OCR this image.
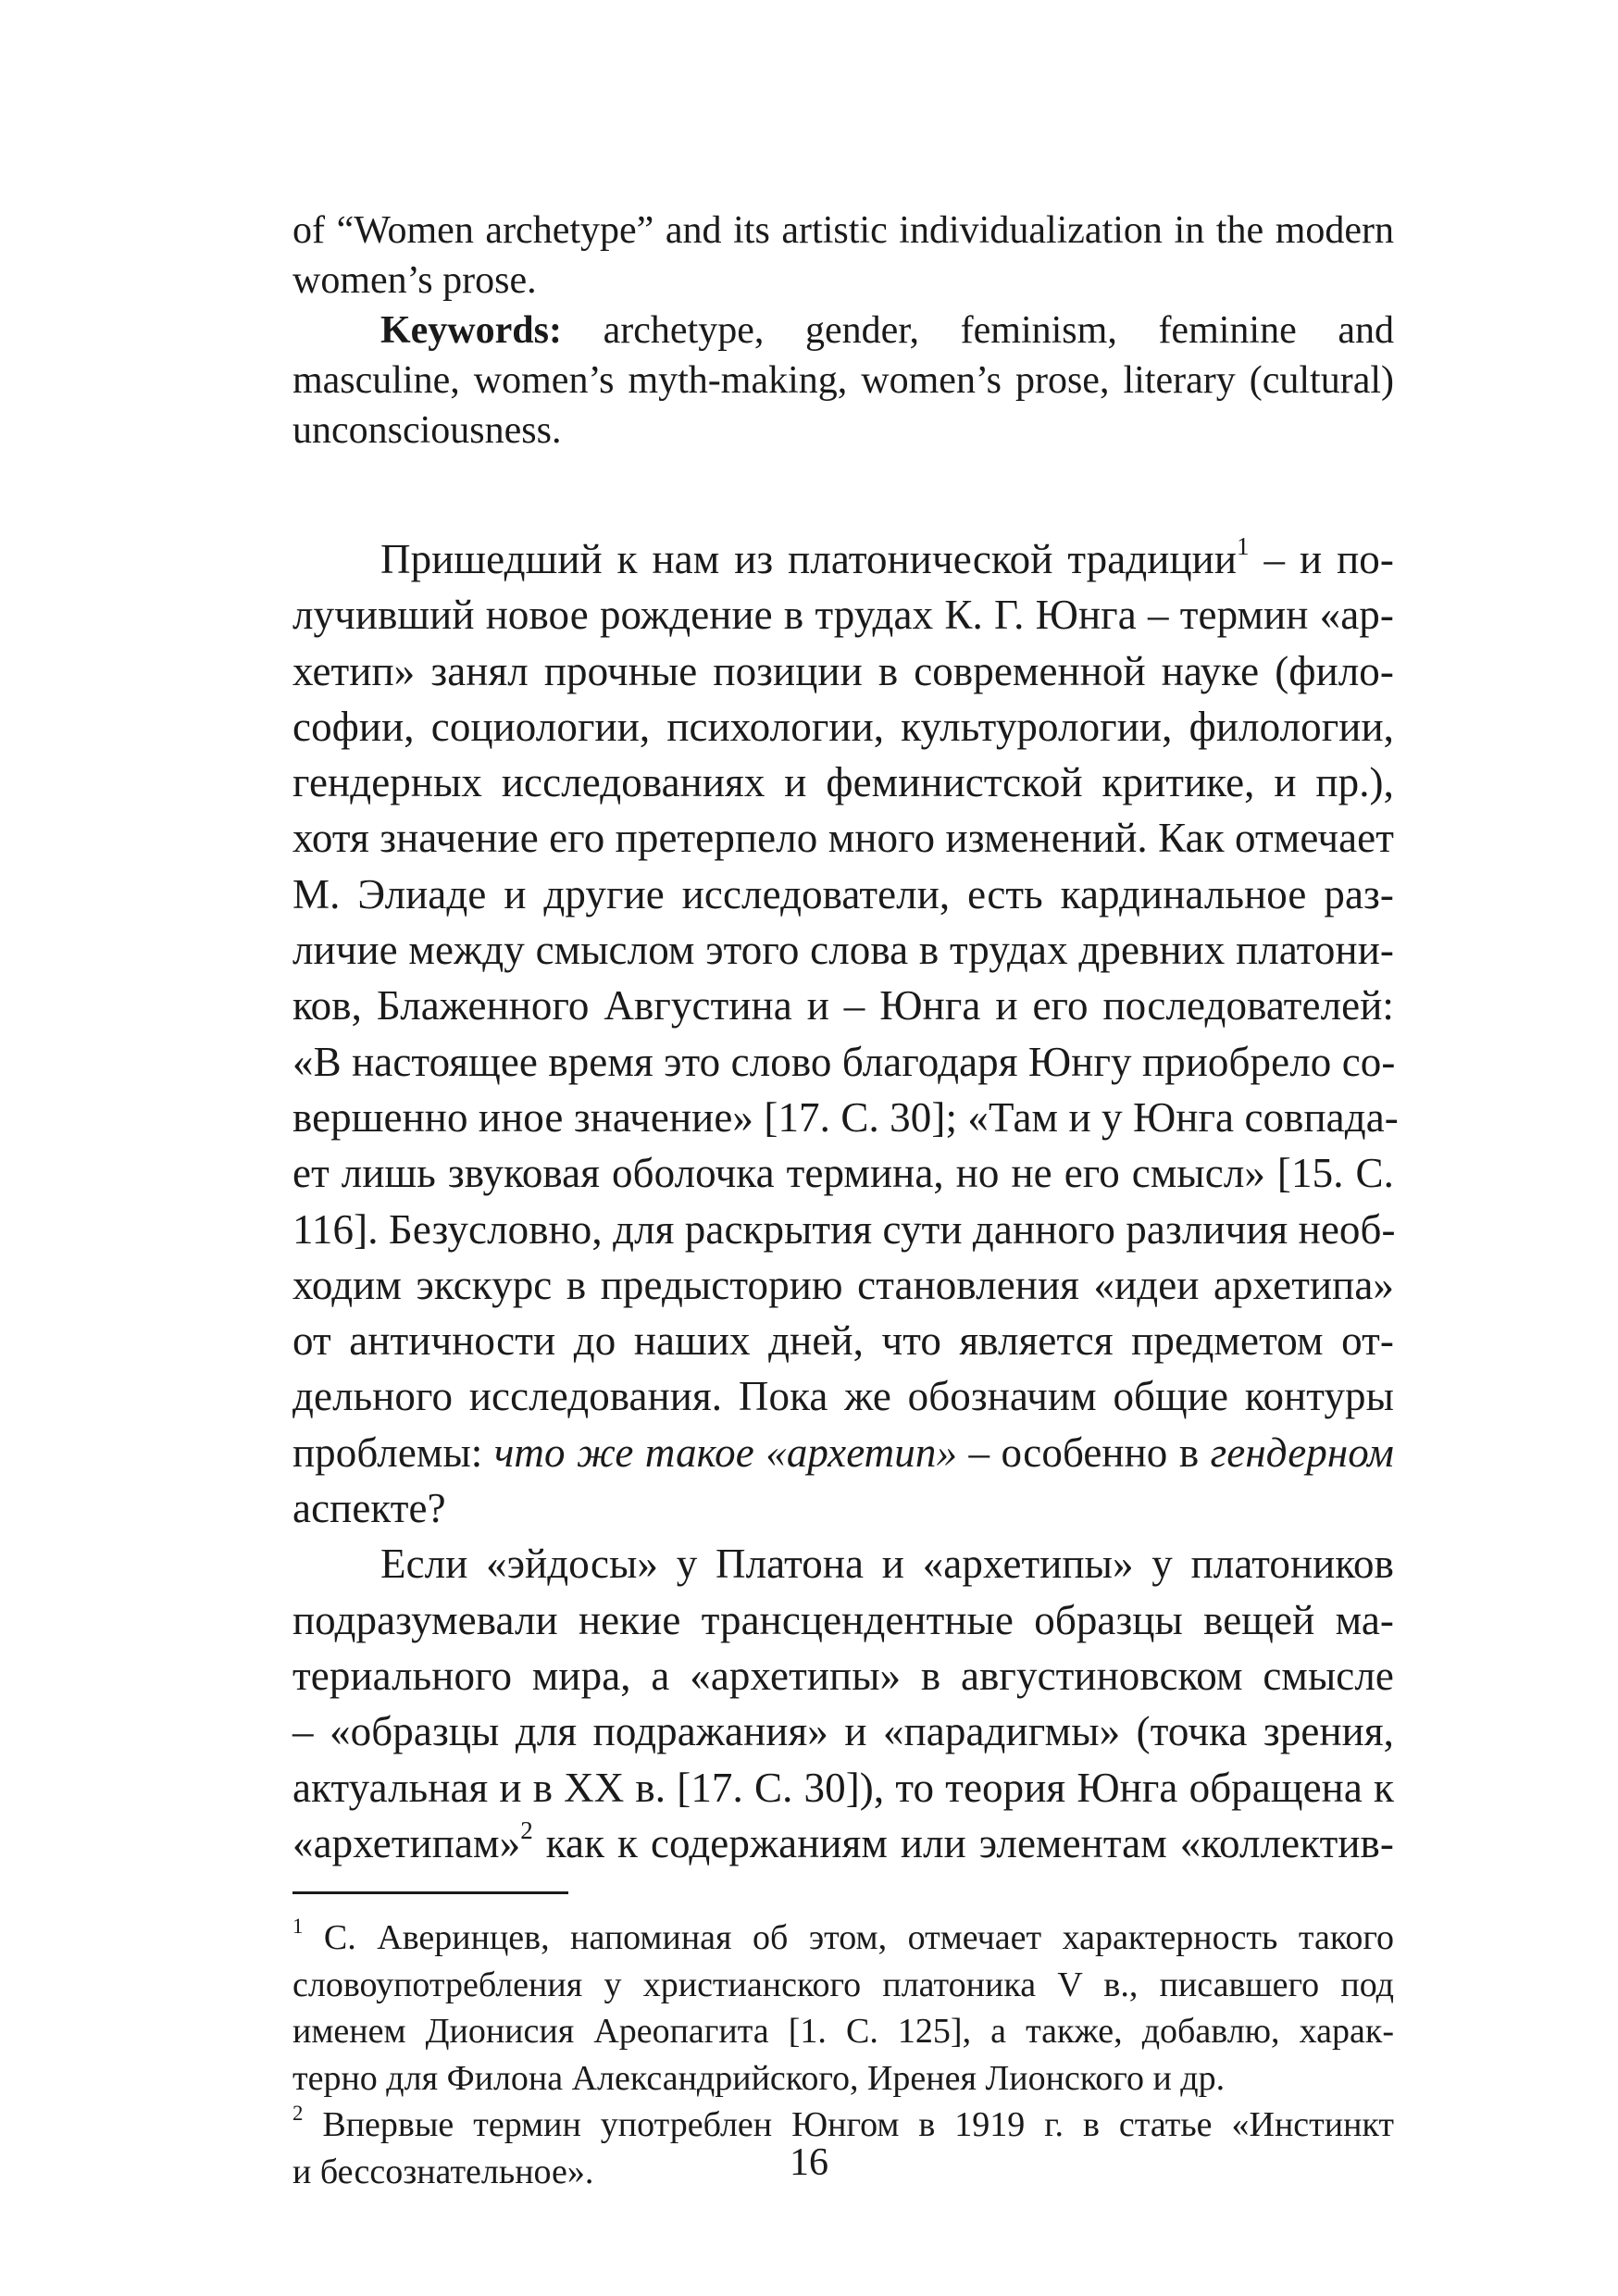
of “Women archetype” and its artistic individualization in the modern
women’s prose.
Keywords: archetype, gender, feminism, feminine and
masculine, women’s myth-making, women’s prose, literary (cultural)
unconsciousness.
Пришедший к нам из платонической традиции$^1$ – и по-
лучивший новое рождение в трудах К. Г. Юнга – термин «ар-
хетип» занял прочные позиции в современной науке (фило-
софии, социологии, психологии, культурологии, филологии,
гендерных исследованиях и феминистской критике, и пр.),
хотя значение его претерпело много изменений. Как отмечает
М. Элиаде и другие исследователи, есть кардинальное раз-
личие между смыслом этого слова в трудах древних платони-
ков, Блаженного Августина и – Юнга и его последователей:
«В настоящее время это слово благодаря Юнгу приобрело со-
вершенно иное значение» [17. С. 30]; «Там и у Юнга совпада-
ет лишь звуковая оболочка термина, но не его смысл» [15. С.
116]. Безусловно, для раскрытия сути данного различия необ-
ходим экскурс в предысторию становления «идеи архетипа»
от античности до наших дней, что является предметом от-
дельного исследования. Пока же обозначим общие контуры
проблемы: что же такое «архетип» – особенно в гендерном
аспекте?
Если «эйдосы» у Платона и «архетипы» у платоников
подразумевали некие трансцендентные образцы вещей ма-
териального мира, а «архетипы» в августиновском смысле
– «образцы для подражания» и «парадигмы» (точка зрения,
актуальная и в XX в. [17. С. 30]), то теория Юнга обращена к
«архетипам»$^2$ как к содержаниям или элементам «коллектив-
$^1$ С. Аверинцев, напоминая об этом, отмечает характерность такого
словоупотребления у христианского платоника V в., писавшего под
именем Дионисия Ареопагита [1. С. 125], а также, добавлю, харак-
терно для Филона Александрийского, Иренея Лионского и др.
$^2$ Впервые термин употреблен Юнгом в 1919 г. в статье «Инстинкт
и бессознательное».	16
